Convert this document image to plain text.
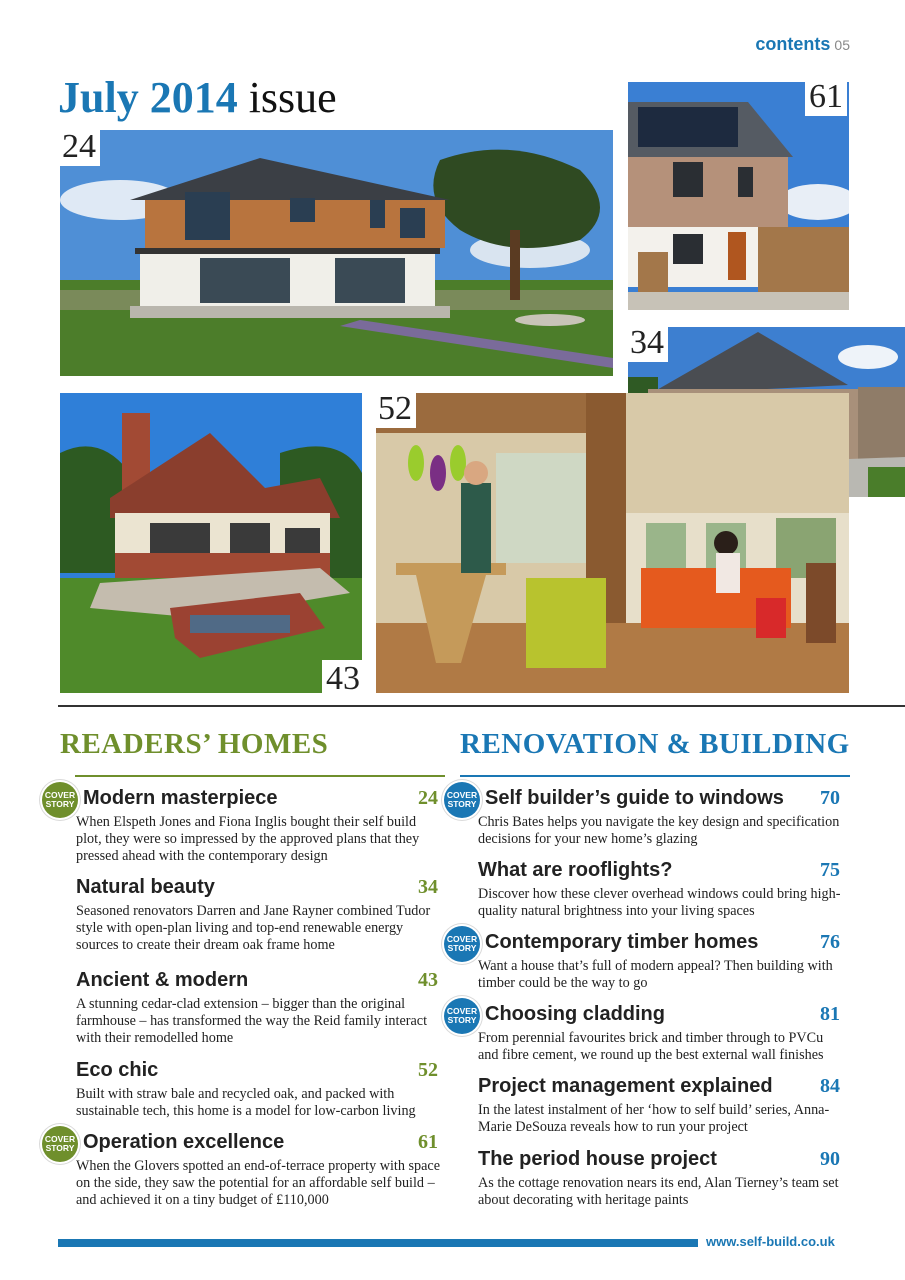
contents 05
July 2014 issue
24
61
34
52
43
READERS’ HOMES	RENOVATION & BUILDING
COVER
STORY Modern masterpiece	24
When Elspeth Jones and Fiona Inglis bought their self build plot, they were so impressed by the approved plans that they pressed ahead with the contemporary design
Natural beauty	34
Seasoned renovators Darren and Jane Rayner combined Tudor style with open-plan living and top-end renewable energy sources to create their dream oak frame home
Ancient & modern	43
A stunning cedar-clad extension – bigger than the original farmhouse – has transformed the way the Reid family interact with their remodelled home
Eco chic	52
Built with straw bale and recycled oak, and packed with sustainable tech, this home is a model for low-carbon living
COVER
STORY Operation excellence	61
When the Glovers spotted an end-of-terrace property with space on the side, they saw the potential for an affordable self build – and achieved it on a tiny budget of £110,000
COVER
STORY Self builder’s guide to windows 70
Chris Bates helps you navigate the key design and specification decisions for your new home’s glazing
What are rooflights?	75
Discover how these clever overhead windows could bring high-quality natural brightness into your living spaces
COVER
STORY Contemporary timber homes	76
Want a house that’s full of modern appeal? Then building with timber could be the way to go
COVER
STORY Choosing cladding	81
From perennial favourites brick and timber through to PVCu and fibre cement, we round up the best external wall finishes
Project management explained 84
In the latest instalment of her ‘how to self build’ series, Anna-Marie DeSouza reveals how to run your project
The period house project	90
As the cottage renovation nears its end, Alan Tierney’s team set about decorating with heritage paints
www.self-build.co.uk
